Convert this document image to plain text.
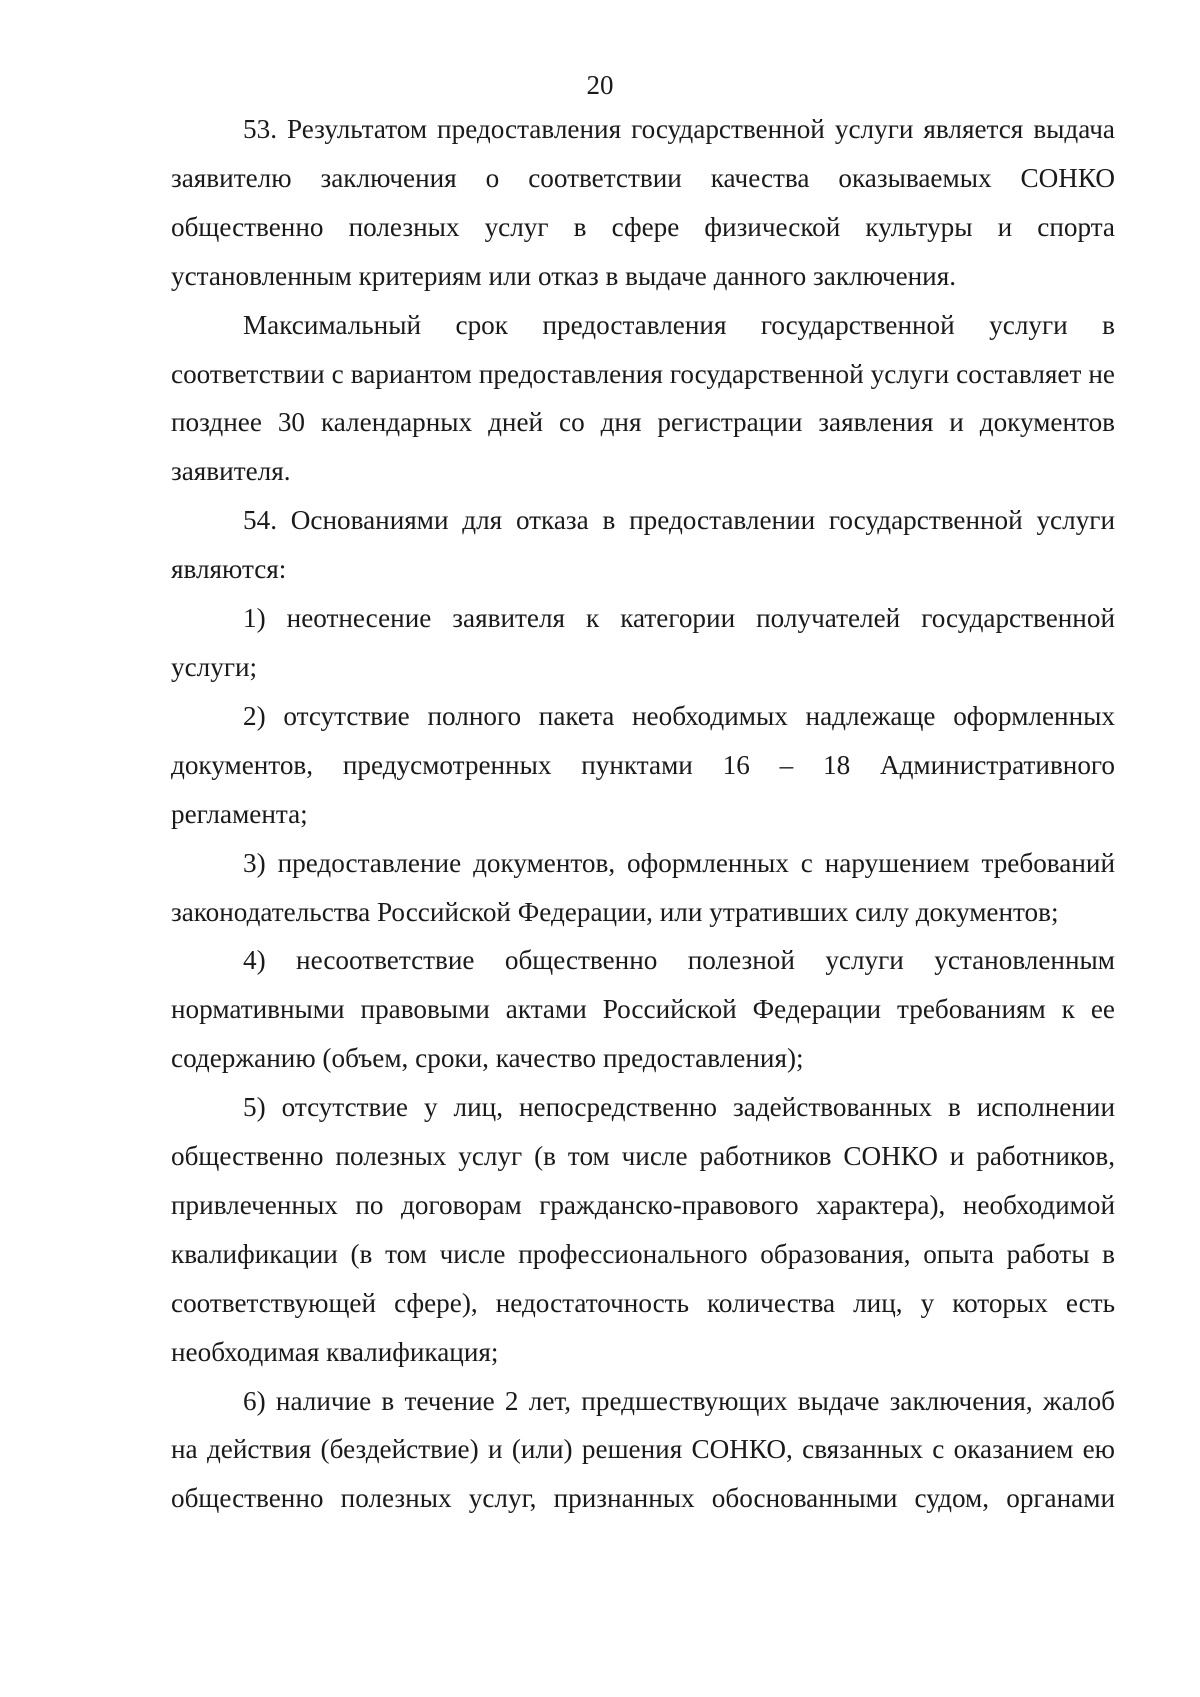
20

53. Результатом предоставления государственной услуги является выдача заявителю заключения о соответствии качества оказываемых СОНКО общественно полезных услуг в сфере физической культуры и спорта установленным критериям или отказ в выдаче данного заключения.

Максимальный срок предоставления государственной услуги в соответствии с вариантом предоставления государственной услуги составляет не позднее 30 календарных дней со дня регистрации заявления и документов заявителя.

54. Основаниями для отказа в предоставлении государственной услуги являются:

1) неотнесение заявителя к категории получателей государственной услуги;

2) отсутствие полного пакета необходимых надлежаще оформленных документов, предусмотренных пунктами 16 – 18 Административного регламента;

3) предоставление документов, оформленных с нарушением требований законодательства Российской Федерации, или утративших силу документов;

4) несоответствие общественно полезной услуги установленным нормативными правовыми актами Российской Федерации требованиям к ее содержанию (объем, сроки, качество предоставления);

5) отсутствие у лиц, непосредственно задействованных в исполнении общественно полезных услуг (в том числе работников СОНКО и работников, привлеченных по договорам гражданско-правового характера), необходимой квалификации (в том числе профессионального образования, опыта работы в соответствующей сфере), недостаточность количества лиц, у которых есть необходимая квалификация;

6) наличие в течение 2 лет, предшествующих выдаче заключения, жалоб на действия (бездействие) и (или) решения СОНКО, связанных с оказанием ею общественно полезных услуг, признанных обоснованными судом, органами
